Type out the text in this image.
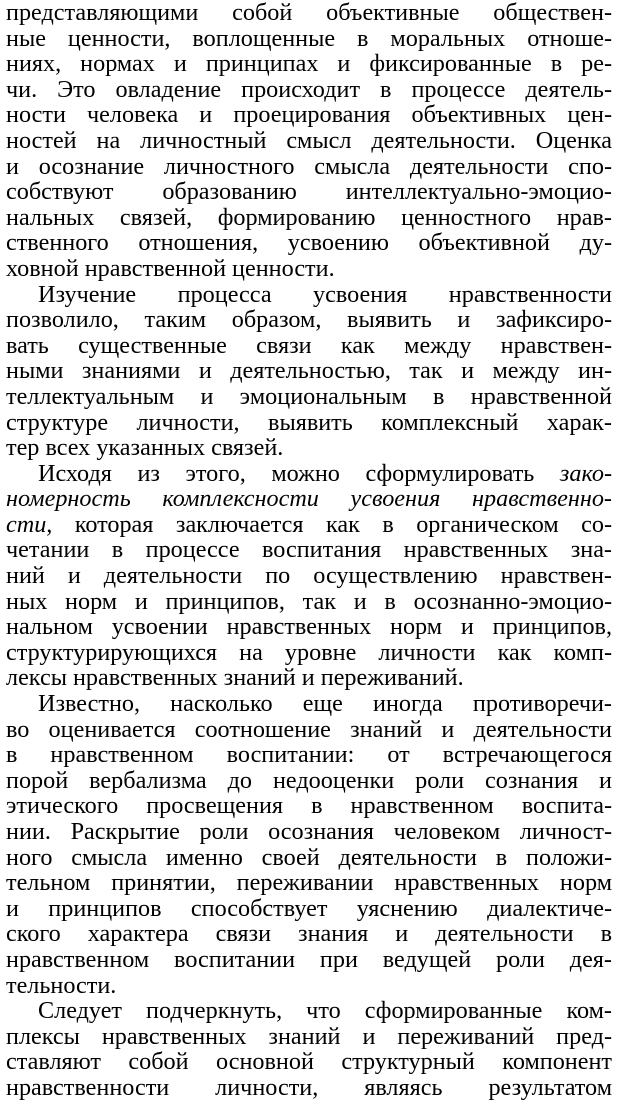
представляющими собой объективные обществен-
ные ценности, воплощенные в моральных отноше-
ниях, нормах и принципах и фиксированные в ре-
чи. Это овладение происходит в процессе деятель-
ности человека и проецирования объективных цен-
ностей на личностный смысл деятельности. Оценка
и осознание личностного смысла деятельности спо-
собствуют образованию интеллектуально-эмоцио-
нальных связей, формированию ценностного нрав-
ственного отношения, усвоению объективной ду-
ховной нравственной ценности.
Изучение процесса усвоения нравственности
позволило, таким образом, выявить и зафиксиро-
вать существенные связи как между нравствен-
ными знаниями и деятельностью, так и между ин-
теллектуальным и эмоциональным в нравственной
структуре личности, выявить комплексный харак-
тер всех указанных связей.
Исходя из этого, можно сформулировать зако-
номерность комплексности усвоения нравственно-
сти, которая заключается как в органическом со-
четании в процессе воспитания нравственных зна-
ний и деятельности по осуществлению нравствен-
ных норм и принципов, так и в осознанно-эмоцио-
нальном усвоении нравственных норм и принципов,
структурирующихся на уровне личности как комп-
лексы нравственных знаний и переживаний.
Известно, насколько еще иногда противоречи-
во оценивается соотношение знаний и деятельности
в нравственном воспитании: от встречающегося
порой вербализма до недооценки роли сознания и
этического просвещения в нравственном воспита-
нии. Раскрытие роли осознания человеком личност-
ного смысла именно своей деятельности в положи-
тельном принятии, переживании нравственных норм
и принципов способствует уяснению диалектиче-
ского характера связи знания и деятельности в
нравственном воспитании при ведущей роли дея-
тельности.
Следует подчеркнуть, что сформированные ком-
плексы нравственных знаний и переживаний пред-
ставляют собой основной структурный компонент
нравственности личности, являясь результатом
